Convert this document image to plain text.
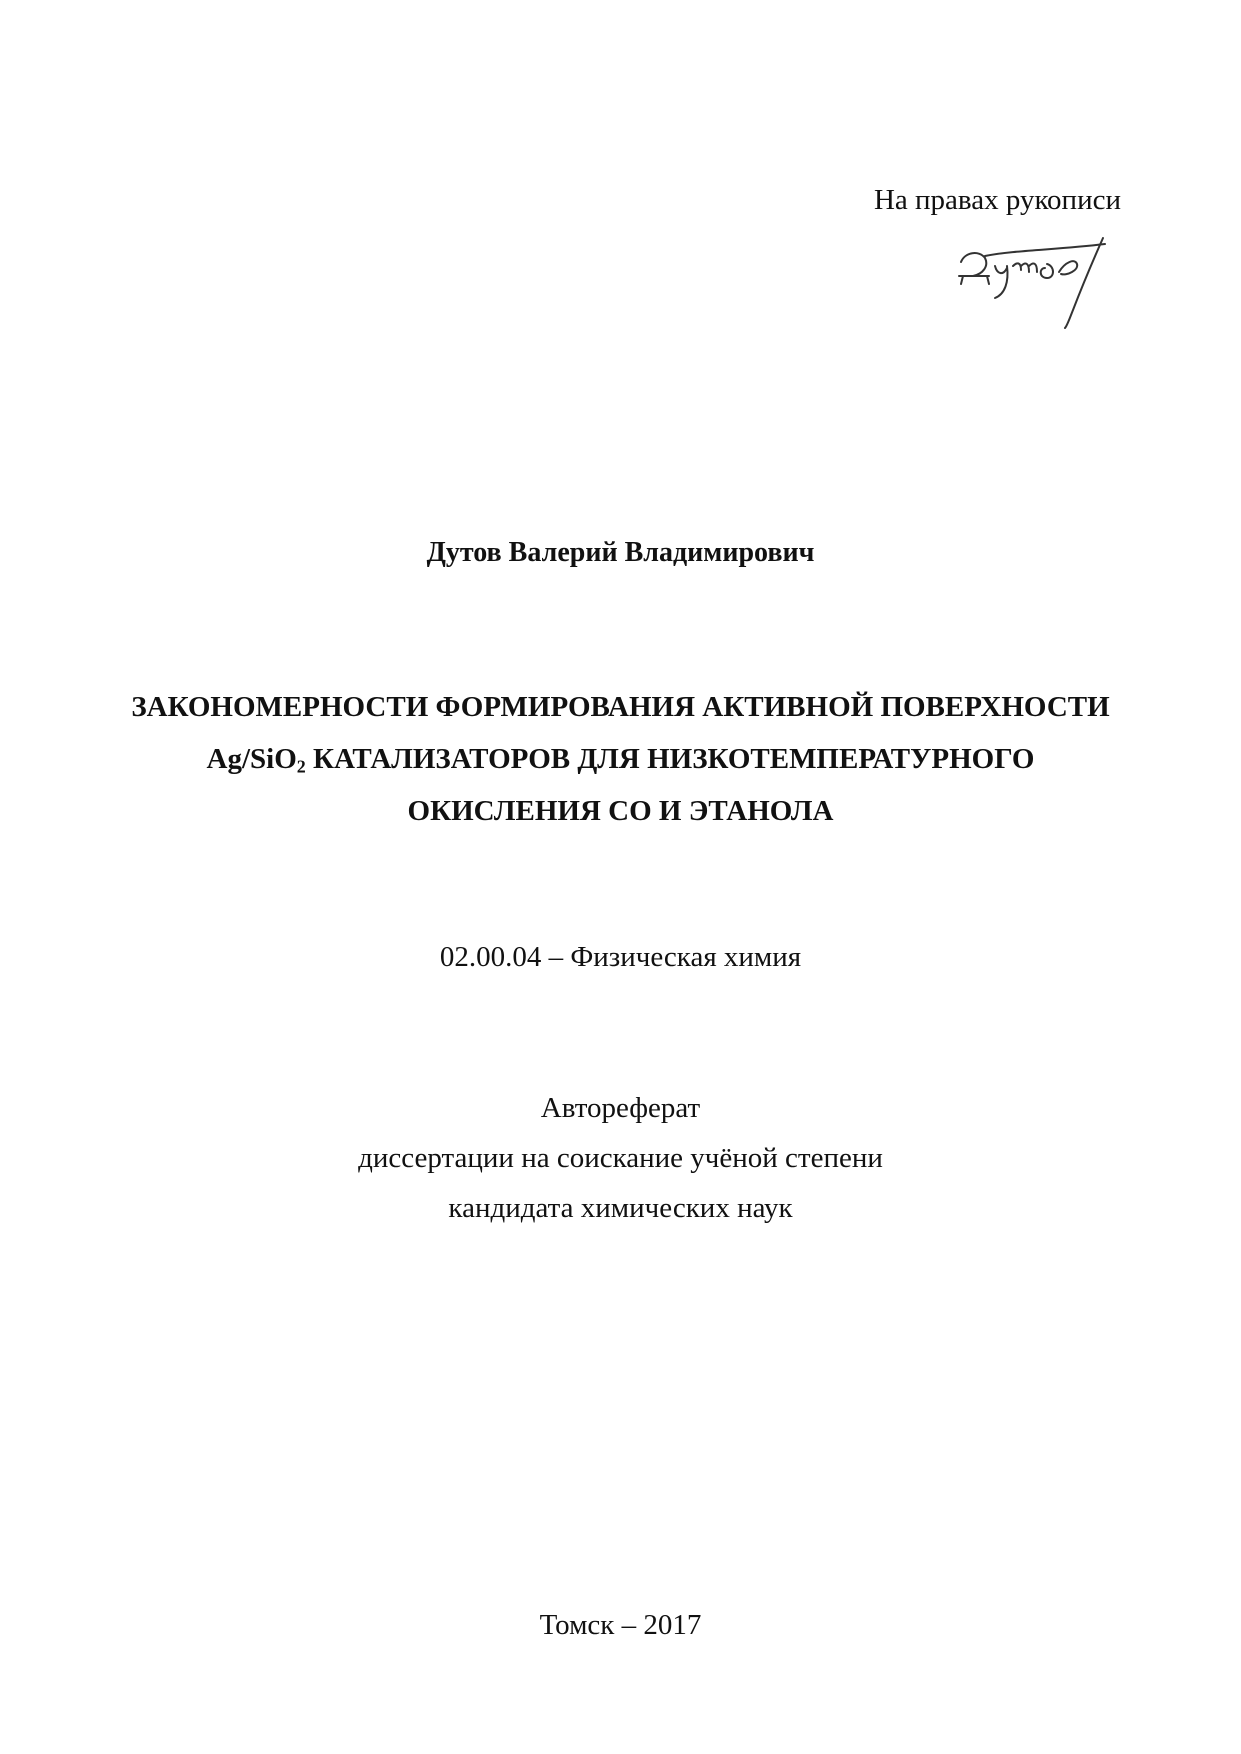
На правах рукописи
Дутов Валерий Владимирович
ЗАКОНОМЕРНОСТИ ФОРМИРОВАНИЯ АКТИВНОЙ ПОВЕРХНОСТИ
Ag/SiO$_2$ КАТАЛИЗАТОРОВ ДЛЯ НИЗКОТЕМПЕРАТУРНОГО
ОКИСЛЕНИЯ СО И ЭТАНОЛА
02.00.04 – Физическая химия
Автореферат
диссертации на соискание учёной степени
кандидата химических наук
Томск – 2017
